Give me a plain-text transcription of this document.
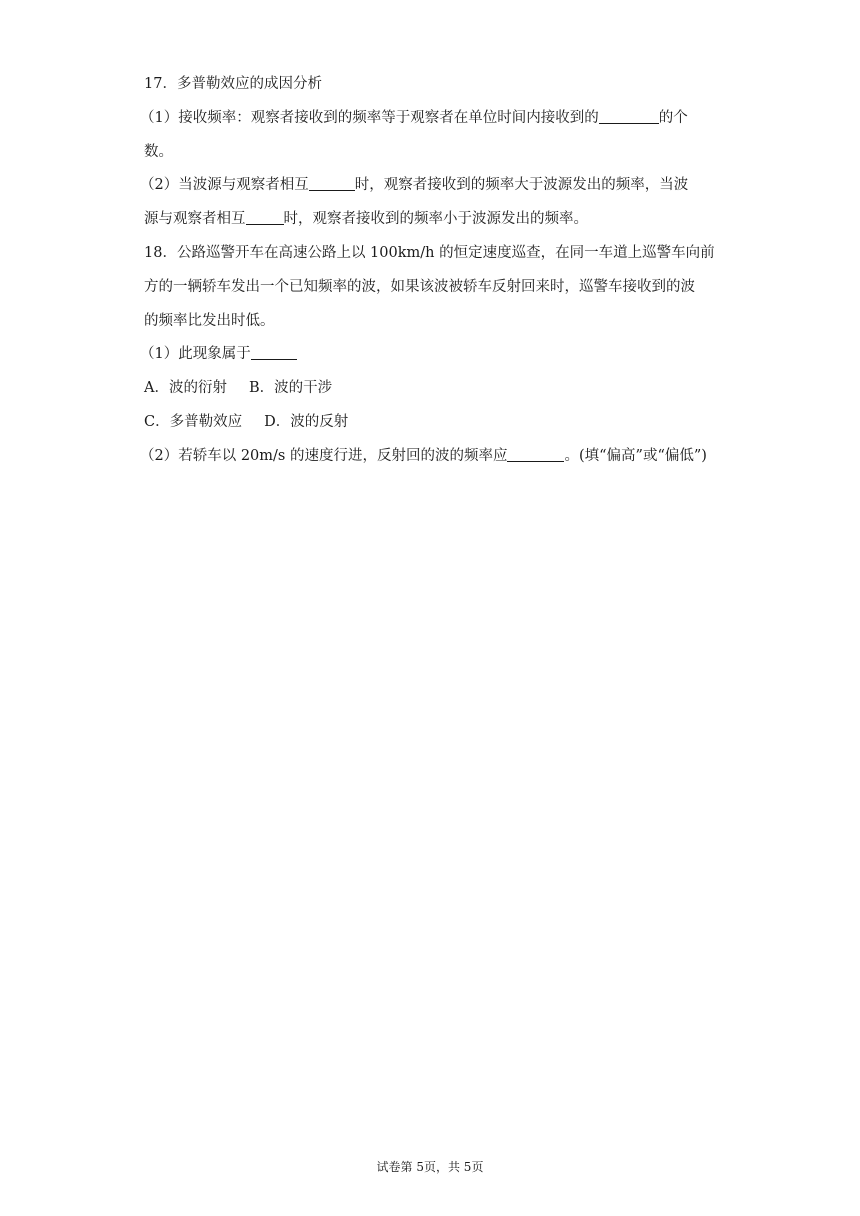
17．多普勒效应的成因分析
（1）接收频率：观察者接收到的频率等于观察者在单位时间内接收到的	的个
数。
（2）当波源与观察者相互	时，观察者接收到的频率大于波源发出的频率，当波
源与观察者相互	时，观察者接收到的频率小于波源发出的频率。
18．公路巡警开车在高速公路上以 100km/h 的恒定速度巡查，在同一车道上巡警车向前
方的一辆轿车发出一个已知频率的波，如果该波被轿车反射回来时，巡警车接收到的波
的频率比发出时低。
（1）此现象属于
A．波的衍射 B．波的干涉
C．多普勒效应 D．波的反射
（2）若轿车以 20m/s 的速度行进，反射回的波的频率应	。(填“偏高”或“偏低”)
试卷第 5页，共 5页
